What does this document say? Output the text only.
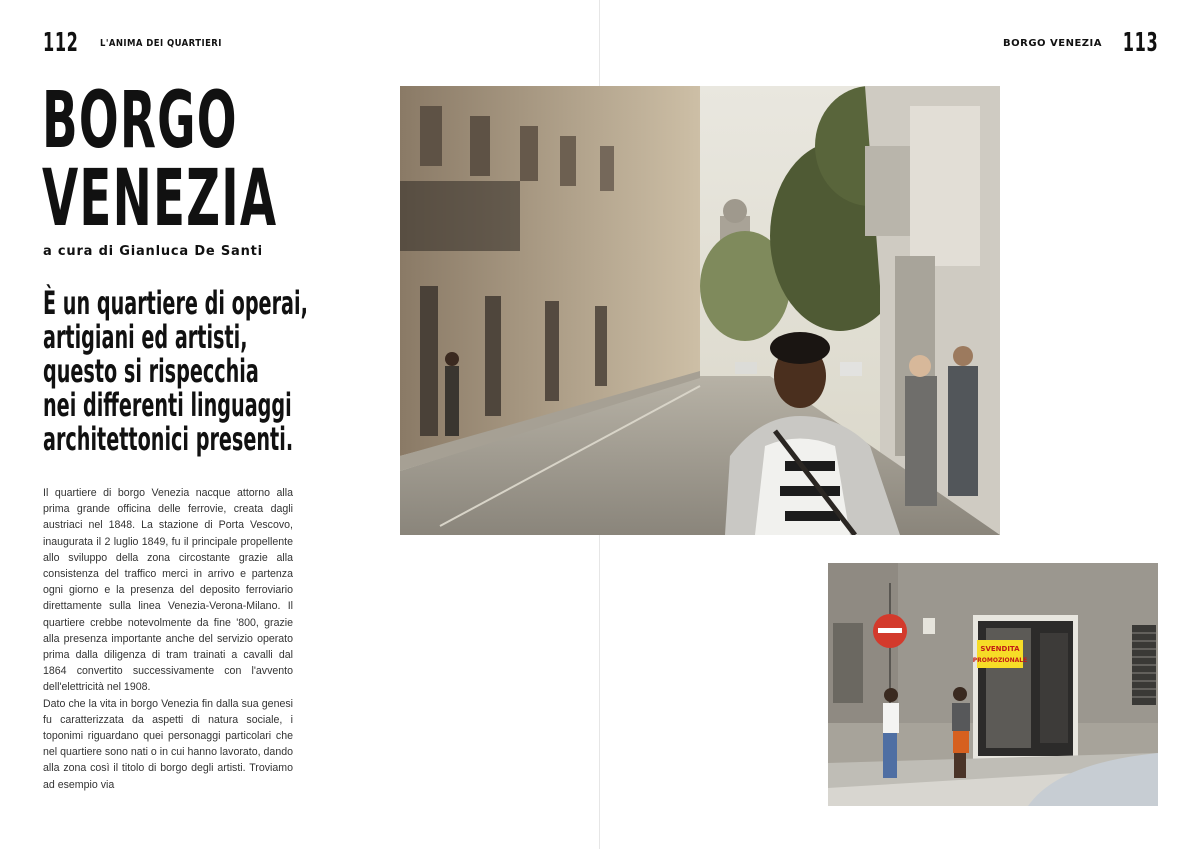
112 L'ANIMA DEI QUARTIERI
BORGO
VENEZIA
a cura di Gianluca De Santi
È un quartiere di operai,
artigiani ed artisti,
questo si rispecchia
nei differenti linguaggi
architettonici presenti.

Il quartiere di borgo Venezia nacque attorno alla prima grande officina delle ferrovie, creata dagli austriaci nel 1848. La stazione di Porta Vescovo, inaugurata il 2 luglio 1849, fu il principale propellente allo sviluppo della zona circostante grazie alla consistenza del traffico merci in arrivo e partenza ogni giorno e la presenza del deposito ferroviario direttamente sulla linea Venezia-Verona-Milano. Il quartiere crebbe notevolmente da fine '800, grazie alla presenza importante anche del servizio operato prima dalla diligenza di tram trainati a cavalli dal 1864 convertito successivamente con l'avvento dell'elettricità nel 1908.

Dato che la vita in borgo Venezia fin dalla sua genesi fu caratterizzata da aspetti di natura sociale, i toponimi riguardano quei personaggi particolari che nel quartiere sono nati o in cui hanno lavorato, dando alla zona così il titolo di borgo degli artisti. Troviamo ad esempio via

BORGO VENEZIA 113
SVENDITA
PROMOZIONALE
